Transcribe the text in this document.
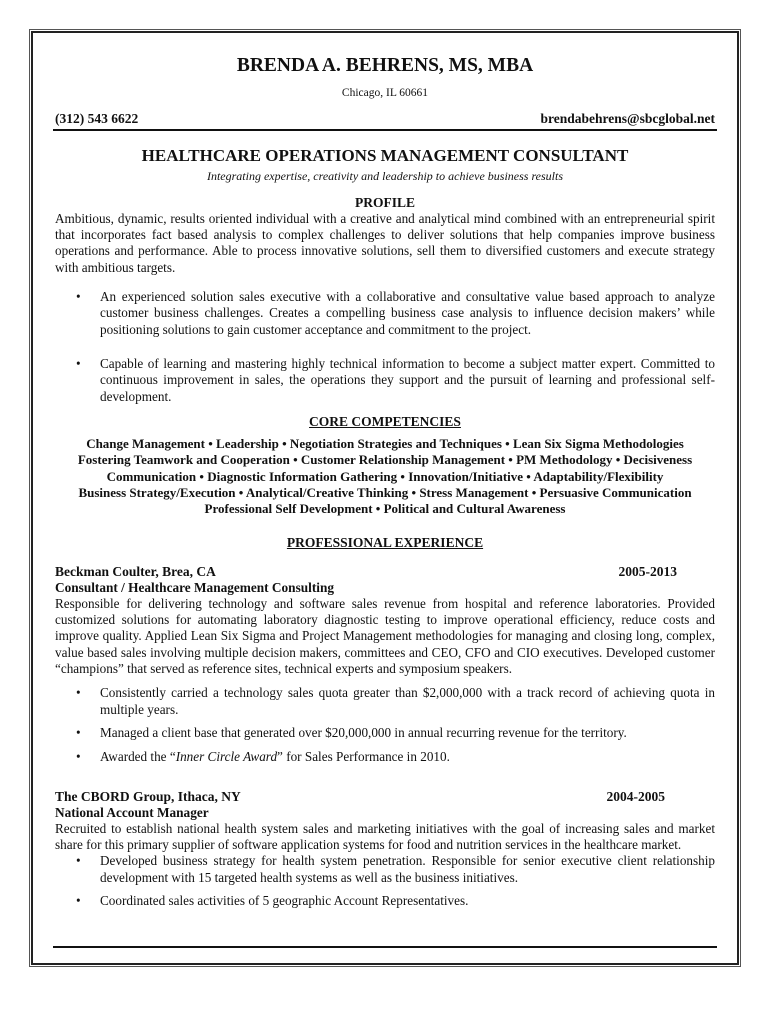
BRENDA A. BEHRENS, MS, MBA
Chicago, IL 60661
(312) 543 6622	brendabehrens@sbcglobal.net
HEALTHCARE OPERATIONS MANAGEMENT CONSULTANT
Integrating expertise, creativity and leadership to achieve business results
PROFILE

Ambitious, dynamic, results oriented individual with a creative and analytical mind combined with an entrepreneurial spirit that incorporates fact based analysis to complex challenges to deliver solutions that help companies improve business operations and performance. Able to process innovative solutions, sell them to diversified customers and execute strategy with ambitious targets.

• An experienced solution sales executive with a collaborative and consultative value based approach to analyze customer business challenges. Creates a compelling business case analysis to influence decision makers’ while positioning solutions to gain customer acceptance and commitment to the project.
• Capable of learning and mastering highly technical information to become a subject matter expert. Committed to continuous improvement in sales, the operations they support and the pursuit of learning and professional self-development.
CORE COMPETENCIES
Change Management • Leadership • Negotiation Strategies and Techniques • Lean Six Sigma Methodologies
Fostering Teamwork and Cooperation • Customer Relationship Management • PM Methodology • Decisiveness
Communication • Diagnostic Information Gathering • Innovation/Initiative • Adaptability/Flexibility
Business Strategy/Execution • Analytical/Creative Thinking • Stress Management • Persuasive Communication
Professional Self Development • Political and Cultural Awareness
PROFESSIONAL EXPERIENCE
Beckman Coulter, Brea, CA	2005-2013
Consultant / Healthcare Management Consulting

Responsible for delivering technology and software sales revenue from hospital and reference laboratories. Provided customized solutions for automating laboratory diagnostic testing to improve operational efficiency, reduce costs and improve quality. Applied Lean Six Sigma and Project Management methodologies for managing and closing long, complex, value based sales involving multiple decision makers, committees and CEO, CFO and CIO executives. Developed customer “champions” that served as reference sites, technical experts and symposium speakers.

• Consistently carried a technology sales quota greater than $2,000,000 with a track record of achieving quota in multiple years.
• Managed a client base that generated over $20,000,000 in annual recurring revenue for the territory.
• Awarded the “Inner Circle Award” for Sales Performance in 2010.
The CBORD Group, Ithaca, NY	2004-2005
National Account Manager

Recruited to establish national health system sales and marketing initiatives with the goal of increasing sales and market share for this primary supplier of software application systems for food and nutrition services in the healthcare market.

• Developed business strategy for health system penetration. Responsible for senior executive client relationship development with 15 targeted health systems as well as the business initiatives.
• Coordinated sales activities of 5 geographic Account Representatives.
